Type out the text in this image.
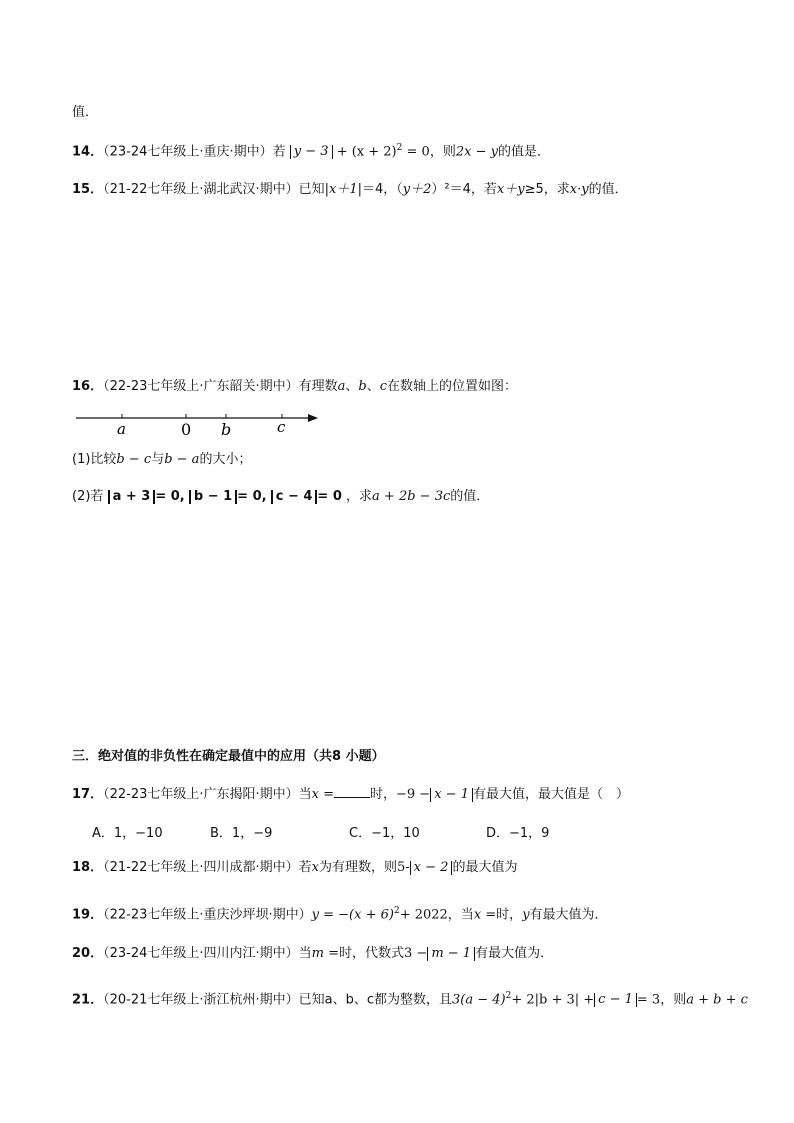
值．
14．（23-24七年级上·重庆·期中）若 $y - 3 + (x + 2)^2 = 0$，则2x − y的值是．
15．（21-22七年级上·湖北武汉·期中）已知|x＋1|＝4，（y＋2）²＝4，若x＋y≥5，求x·y的值．
16．（22-23七年级上·广东韶关·期中）有理数a、b、c在数轴上的位置如图：
a	0 b	c
(1)比较b − c与b − a的大小；
(2)若 a + 3 = 0, b − 1 = 0, c − 4 = 0 ，求a + 2b − 3c的值．
三．绝对值的非负性在确定最值中的应用（共8 小题）
17．（22-23七年级上·广东揭阳·期中）当x =	时，−9 − x − 1 有最大值，最大值是（　）
A．1，−10	B．1，−9	C．−1，10	D．−1，9
18．（21-22七年级上·四川成都·期中）若x为有理数，则5- x − 2 的最大值为
19．（22-23七年级上·重庆沙坪坝·期中）$y = -(x + 6)^2+ 2022$，当x =时，y有最大值为．
20．（23-24七年级上·四川内江·期中）当m =时，代数式3 − m − 1 有最大值为．
21．（20-21七年级上·浙江杭州·期中）已知a、b、c都为整数，且$3(a - 4)^2+ 2|b + 3| + c - 1 = 3$，则a + b + c
